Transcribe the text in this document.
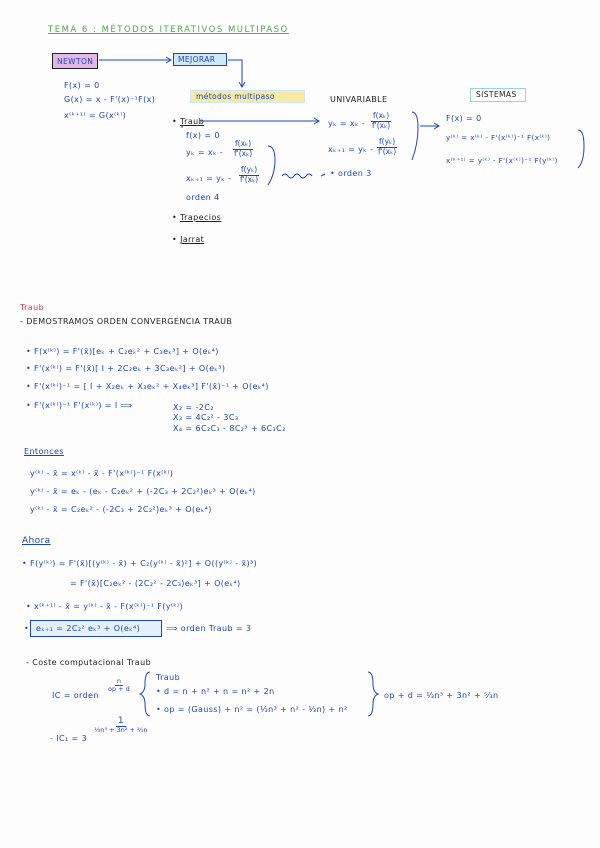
TEMA 6 : MÉTODOS ITERATIVOS MULTIPASO
NEWTON	MEJORAR
métodos multipaso	UNIVARIABLE
SISTEMAS
F(x) = 0
G(x) = x - F'(x)⁻¹F(x)
x⁽ᵏ⁺¹⁾ = G(x⁽ᵏ⁾)
• Traub
f(x) = 0
$y_k = x_k - \frac{\text{f(xₖ)}}{\text{f'(xₖ)}}$
$x_{k+1} = y_k - \frac{\text{f(yₖ)}}{\text{f'(xₖ)}}$
orden 4
• Trapecios
• Jarrat
$y_k = x_k - \frac{\text{f(xₖ)}}{\text{f'(xₖ)}}$
$x_{k+1} = y_k - \frac{\text{f(yₖ)}}{\text{f'(xₖ)}}$
• orden 3
F(x) = 0
y⁽ᵏ⁾ = x⁽ᵏ⁾ - F'(x⁽ᵏ⁾)⁻¹ F(x⁽ᵏ⁾)
x⁽ᵏ⁺¹⁾ = y⁽ᵏ⁾ - F'(x⁽ᵏ⁾)⁻¹ F(y⁽ᵏ⁾)
Traub
- DEMOSTRAMOS ORDEN CONVERGENCIA TRAUB
• F(x⁽ᵏ⁾) = F'(x̄)[eₖ + C₂eₖ² + C₃eₖ³] + O(eₖ⁴)
• F'(x⁽ᵏ⁾) = F'(x̄)[ I + 2C₂eₖ + 3C₃eₖ²] + O(eₖ³)
• F'(x⁽ᵏ⁾)⁻¹ = [ I + X₂eₖ + X₃eₖ² + X₄eₖ³] F'(x̄)⁻¹ + O(eₖ⁴)
• F'(x⁽ᵏ⁾)⁻¹ F'(x⁽ᵏ⁾) = I ⟹	X₂ = -2C₂
X₃ = 4C₂² - 3C₃
X₄ = 6C₂C₃ - 8C₂³ + 6C₃C₂
Entonces
y⁽ᵏ⁾ - x̄ = x⁽ᵏ⁾ - x̄ - F'(x⁽ᵏ⁾)⁻¹ F(x⁽ᵏ⁾)
y⁽ᵏ⁾ - x̄ = eₖ - (eₖ - C₂eₖ² + (-2C₃ + 2C₂²)eₖ³ + O(eₖ⁴)
y⁽ᵏ⁾ - x̄ = C₂eₖ² - (-2C₃ + 2C₂²)eₖ³ + O(eₖ⁴)
Ahora
• F(y⁽ᵏ⁾) = F'(x̄)[(y⁽ᵏ⁾ - x̄) + C₂(y⁽ᵏ⁾ - x̄)²] + O((y⁽ᵏ⁾ - x̄)³)
= F'(x̄)[C₂eₖ² - (2C₂² - 2C₃)eₖ³] + O(eₖ⁴)
• x⁽ᵏ⁺¹⁾ - x̄ = y⁽ᵏ⁾ - x̄ - F(x⁽ᵏ⁾)⁻¹ F(y⁽ᵏ⁾)
eₖ₊₁ = 2C₂² eₖ³ + O(eₖ⁴)	⟹ orden Traub = 3
•
- Coste computacional Traub
IC = orden
$\frac{n}{op + d}$
Traub
• d = n + n² + n = n² + 2n
• op = (Gauss) + n² = (⅓n³ + n² - ⅓n) + n²
op + d = ⅓n³ + 3n² + ⁵⁄₃n
- IC₁ = 3
1
⅓n³ + 3n² + ⁵⁄₃n
